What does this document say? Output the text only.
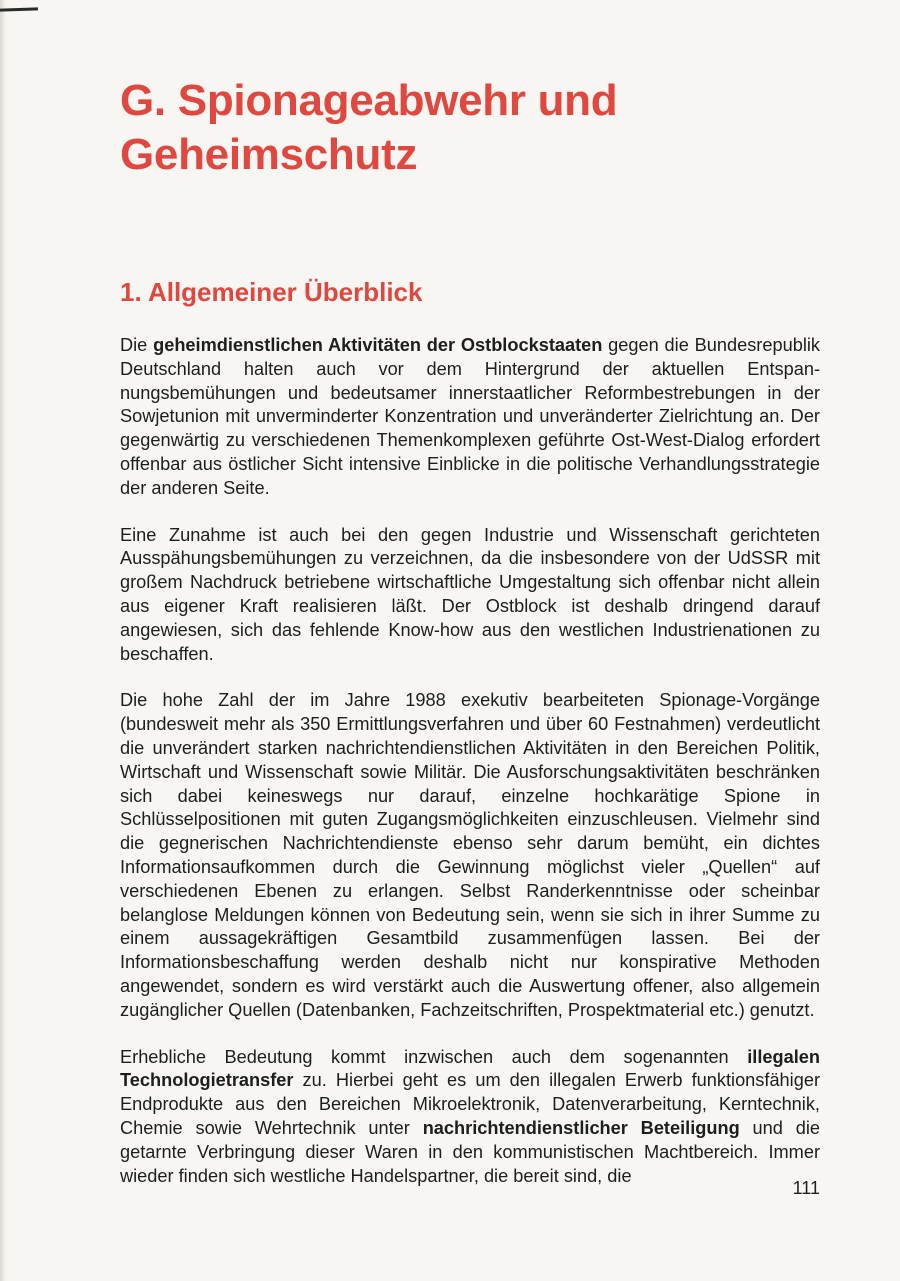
G. Spionageabwehr und
Geheimschutz
1. Allgemeiner Überblick

Die geheimdienstlichen Aktivitäten der Ostblockstaaten gegen die Bundesrepublik Deutschland halten auch vor dem Hintergrund der aktuellen Entspannungsbemühungen und bedeutsamer innerstaatlicher Reformbestrebungen in der Sowjetunion mit unverminderter Konzentration und unveränderter Zielrichtung an. Der gegenwärtig zu verschiedenen Themenkomplexen geführte Ost-West-Dialog erfordert offenbar aus östlicher Sicht intensive Einblicke in die politische Verhandlungsstrategie der anderen Seite.

Eine Zunahme ist auch bei den gegen Industrie und Wissenschaft gerichteten Ausspähungsbemühungen zu verzeichnen, da die insbesondere von der UdSSR mit großem Nachdruck betriebene wirtschaftliche Umgestaltung sich offenbar nicht allein aus eigener Kraft realisieren läßt. Der Ostblock ist deshalb dringend darauf angewiesen, sich das fehlende Know-how aus den westlichen Industrienationen zu beschaffen.

Die hohe Zahl der im Jahre 1988 exekutiv bearbeiteten Spionage-Vorgänge (bundesweit mehr als 350 Ermittlungsverfahren und über 60 Festnahmen) verdeutlicht die unverändert starken nachrichtendienstlichen Aktivitäten in den Bereichen Politik, Wirtschaft und Wissenschaft sowie Militär. Die Ausforschungsaktivitäten beschränken sich dabei keineswegs nur darauf, einzelne hochkarätige Spione in Schlüsselpositionen mit guten Zugangsmöglichkeiten einzuschleusen. Vielmehr sind die gegnerischen Nachrichtendienste ebenso sehr darum bemüht, ein dichtes Informationsaufkommen durch die Gewinnung möglichst vieler „Quellen“ auf verschiedenen Ebenen zu erlangen. Selbst Randerkenntnisse oder scheinbar belanglose Meldungen können von Bedeutung sein, wenn sie sich in ihrer Summe zu einem aussagekräftigen Gesamtbild zusammenfügen lassen. Bei der Informationsbeschaffung werden deshalb nicht nur konspirative Methoden angewendet, sondern es wird verstärkt auch die Auswertung offener, also allgemein zugänglicher Quellen (Datenbanken, Fachzeitschriften, Prospektmaterial etc.) genutzt.

Erhebliche Bedeutung kommt inzwischen auch dem sogenannten illegalen Technologietransfer zu. Hierbei geht es um den illegalen Erwerb funktionsfähiger Endprodukte aus den Bereichen Mikroelektronik, Datenverarbeitung, Kerntechnik, Chemie sowie Wehrtechnik unter nachrichtendienstlicher Beteiligung und die getarnte Verbringung dieser Waren in den kommunistischen Machtbereich. Immer wieder finden sich westliche Handelspartner, die bereit sind, die

111
